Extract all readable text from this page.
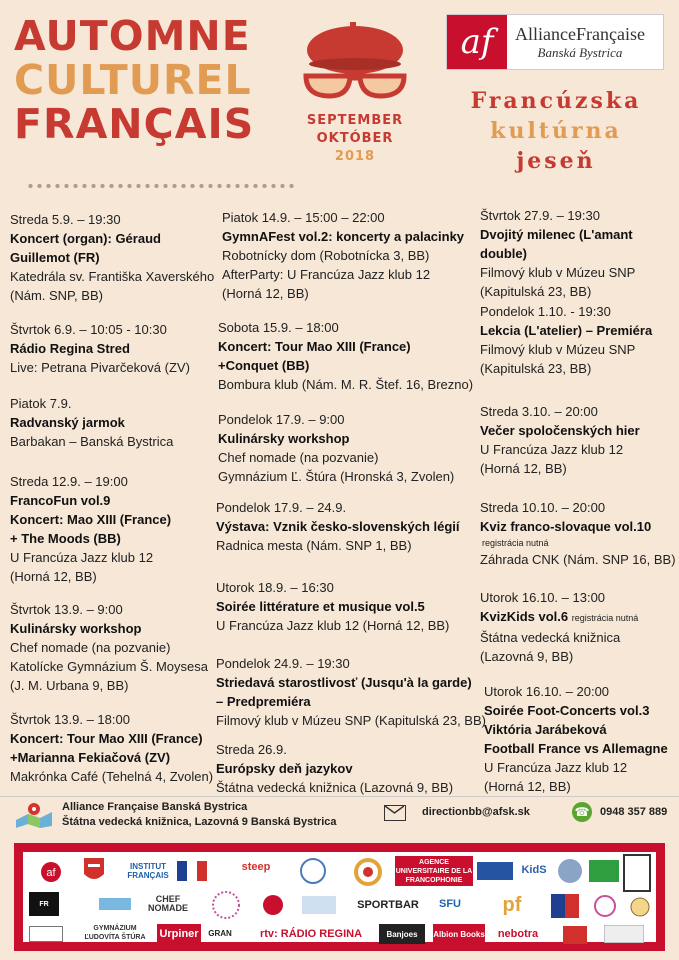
AUTOMNE
CULTUREL
FRANÇAIS	SEPTEMBER
OKTÓBER
2018
af	AllianceFrançaise
Banská Bystrica
Francúzska
kultúrna
jeseň
Streda 5.9. – 19:30
Koncert (organ): Géraud
Guillemot (FR)
Katedrála sv. Františka Xaverského
(Nám. SNP, BB)
Štvrtok 6.9. – 10:05 - 10:30
Rádio Regina Stred
Live: Petrana Pivarčeková (ZV)
Piatok 7.9.
Radvanský jarmok
Barbakan – Banská Bystrica
Streda 12.9. – 19:00
FrancoFun vol.9
Koncert: Mao XIII (France)
+ The Moods (BB)
U Francúza Jazz klub 12
(Horná 12, BB)
Štvrtok 13.9. – 9:00
Kulinársky workshop
Chef nomade (na pozvanie)
Katolícke Gymnázium Š. Moysesa
(J. M. Urbana 9, BB)
Štvrtok 13.9. – 18:00
Koncert: Tour Mao XIII (France)
+Marianna Fekiačová (ZV)
Makrónka Café (Tehelná 4, Zvolen)
Piatok 14.9. – 15:00 – 22:00
GymnAFest vol.2: koncerty a palacinky
Robotnícky dom (Robotnícka 3, BB)
AfterParty: U Francúza Jazz klub 12
(Horná 12, BB)
Sobota 15.9. – 18:00
Koncert: Tour Mao XIII (France)
+Conquet (BB)
Bombura klub (Nám. M. R. Štef. 16, Brezno)
Pondelok 17.9. – 9:00
Kulinársky workshop
Chef nomade (na pozvanie)
Gymnázium Ľ. Štúra (Hronská 3, Zvolen)
Pondelok 17.9. – 24.9.
Výstava: Vznik česko-slovenských légií
Radnica mesta (Nám. SNP 1, BB)
Utorok 18.9. – 16:30
Soirée littérature et musique vol.5
U Francúza Jazz klub 12 (Horná 12, BB)
Pondelok 24.9. – 19:30
Striedavá starostlivosť (Jusqu'à la garde)
– Predpremiéra
Filmový klub v Múzeu SNP (Kapitulská 23, BB)
Streda 26.9.
Európsky deň jazykov
Štátna vedecká knižnica (Lazovná 9, BB)
Štvrtok 27.9. – 19:30
Dvojitý milenec (L'amant double)
Filmový klub v Múzeu SNP
(Kapitulská 23, BB)
Pondelok 1.10. - 19:30
Lekcia (L'atelier) – Premiéra
Filmový klub v Múzeu SNP
(Kapitulská 23, BB)
Streda 3.10. – 20:00
Večer spoločenských hier
U Francúza Jazz klub 12
(Horná 12, BB)
Streda 10.10. – 20:00
Kviz franco-slovaque vol.10
registrácia nutná
Záhrada CNK (Nám. SNP 16, BB)
Utorok 16.10. – 13:00
KvizKids vol.6 registrácia nutná
Štátna vedecká knižnica
(Lazovná 9, BB)
Utorok 16.10. – 20:00
Soirée Foot-Concerts vol.3
Viktória Jarábeková
Football France vs Allemagne
U Francúza Jazz klub 12
(Horná 12, BB)
Alliance Française Banská Bystrica
Štátna vedecká knižnica, Lazovná 9 Banská Bystrica
directionbb@afsk.sk	☎ 0948 357 889
af
INSTITUT FRANÇAIS
steep	AGENCE UNIVERSITAIRE DE LA FRANCOPHONIE
KidS
FR	CHEF NOMADE	SPORTBAR	SFU	pf
GYMNÁZIUM ĽUDOVÍTA ŠTÚRA	Urpiner	GRAN	rtv: RÁDIO REGINA	Banjoes	Albion Books	nebotra
